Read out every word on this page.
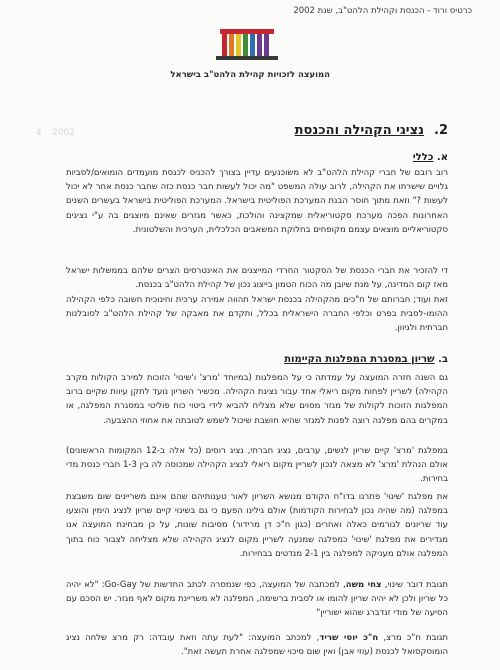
כרטיס ורוד - הכנסת וקהילת הלהט"ב, שנת 2002
המועצה לזכויות קהילת הלהט"ב בישראל
2002
4	2.נציגי הקהילה והכנסת
א. כללי
רוב רובם של חברי קהילת הלהט"ב לא משוכנעים עדיין בצורך להכניס לכנסת מועמדים הומואים/לסביות גלויים שישרתו את הקהילה, לרוב עולה המשפט "מה יכול לעשות חבר כנסת כזה שחבר כנסת אחר לא יכול לעשות ?" וזאת מתוך חוסר הבנת המערכת הפוליטית בישראל. המערכת הפוליטית בישראל בעשרים השנים האחרונות הפכה מערכת סקטוריאלית שמקצינה והולכת, כאשר מגזרים שאינם מיוצגים בה ע"י נציגים סקטוריאליים מוצאים עצמם מקופחים בחלוקת המשאבים הכלכלית, הערכית והשלטונית.
די להזכיר את חברי הכנסת של הסקטור החרדי המייצגים את האינטרסים הצרים שלהם בממשלות ישראל מאז קום המדינה, על מנת שיובן מה הכוח הטמון בייצוג נכון של קהילת הלהט"ב בכנסת.
זאת ועוד; חברותם של ח"כים מהקהילה בכנסת ישראל תהווה אמירה ערכית וחינוכית חשובה כלפי הקהילה ההומו-לסבית בפרט וכלפי החברה הישראלית בכלל, ותקדם את מאבקה של קהילת הלהט"ב לסובלנות חברתית ולגיוון.
ב. שריון במסגרת המפלגות הקיימות
גם השנה חזרה המועצה על עמדתה כי על המפלגות (במיוחד 'מרצ' ו'שינוי' הזוכות למירב הקולות מקרב הקהילה) לשריין לפחות מקום ריאלי אחד עבור נציגת הקהילה. מכשיר השריון נועד לתקן עיוות שקיים ברוב המפלגות הזוכות לקולות של מגזר מסוים שלא מצליח להביא לידי ביטוי כוח פוליטי במסגרת המפלגה, או במקרים בהם מפלגה רוצה לפנות למגזר שהיא חושבת שיכול לשמש לטובתה את אחוזי ההצבעה.
במפלגת 'מרצ' קיים שריון לנשים, ערבים, נציג חברתי, נציג רוסים (כל אלה ב-12 המקומות הראשונים) אולם הנהלת 'מרצ' לא מצאה לנכון לשריין מקום ריאלי לנציג הקהילה שמכוסה לה בין 1-3 חברי כנסת מדי בחירות.
את מפלגת 'שינוי' פתרנו בדו"ח הקודם מנושא השריון לאור טענותיהם שהם אינם משריינים שום משבצת במפלגה (מה שהיה נכון לבחירות הקודמות) אולם גילינו הפעם כי גם בשינוי קיים שריון לנציג הימין והוצעו עוד שריונים לגורמים כאלה ואחרים (כגון ח"כ דן מרידור) מסיבות שונות, על כן מבחינת המועצה אנו מגדירים את מפלגת 'שינוי' כמפלגה שמנעה לשריין מקום לנציג הקהילה שלא מצליחה לצבור כוח בתוך המפלגה אולם מעניקה למפלגה בין 2-1 מנדטים בבחירות.
תגובת דובר שינוי, צחי משה, למכתבה של המועצה, כפי שנמסרה לכתב החדשות של Go-Gay: "לא יהיה כל שריון ולכן לא יהיה שריון להומו או לסבית ברשימה, המפלגה לא משריינת מקום לאף מגזר. יש הסכם עם הסיעה של מודי זנדברג שהוא ישוריין"
תגובת ח"כ מרצ, ח"כ יוסי שריד, למכתב המועצה: "לעת עתה וזאת עובדה: רק מרצ שלחה נציג הומוסקסואל לכנסת (עוזי אבן) ואין שום סיכוי שמפלגה אחרת תעשה זאת".
